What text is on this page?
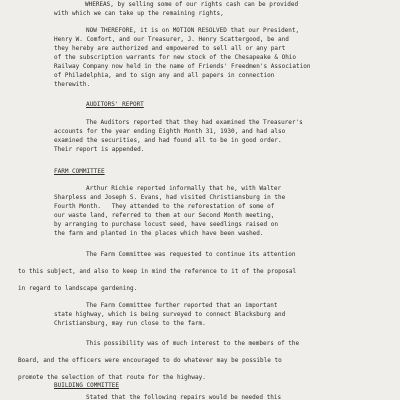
WHEREAS, by selling some of our rights cash can be provided
with which we can take up the remaining rights,
NOW THEREFORE, it is on MOTION RESOLVED that our President,
Henry W. Comfort, and our Treasurer, J. Henry Scattergood, be and
they hereby are authorized and empowered to sell all or any part
of the subscription warrants for new stock of the Chesapeake & Ohio
Railway Company now held in the name of Friends' Freedmen's Association
of Philadelphia, and to sign any and all papers in connection
therewith.
AUDITORS' REPORT
The Auditors reported that they had examined the Treasurer's
accounts for the year ending Eighth Month 31, 1930, and had also
examined the securities, and had found all to be in good order.
Their report is appended.
FARM COMMITTEE
Arthur Richie reported informally that he, with Walter
Sharpless and Joseph S. Evans, had visited Christiansburg in the
Fourth Month.   They attended to the reforestation of some of
our waste land, referred to them at our Second Month meeting,
by arranging to purchase locust seed, have seedlings raised on
the farm and planted in the places which have been washed.
The Farm Committee was requested to continue its attention
to this subject, and also to keep in mind the reference to it of the proposal
in regard to landscape gardening.
The Farm Committee further reported that an important
state highway, which is being surveyed to connect Blacksburg and
Christiansburg, may run close to the farm.
This possibility was of much interest to the members of the
Board, and the officers were encouraged to do whatever may be possible to
promote the selection of that route for the highway.
BUILDING COMMITTEE
Stated that the following repairs would be needed this
